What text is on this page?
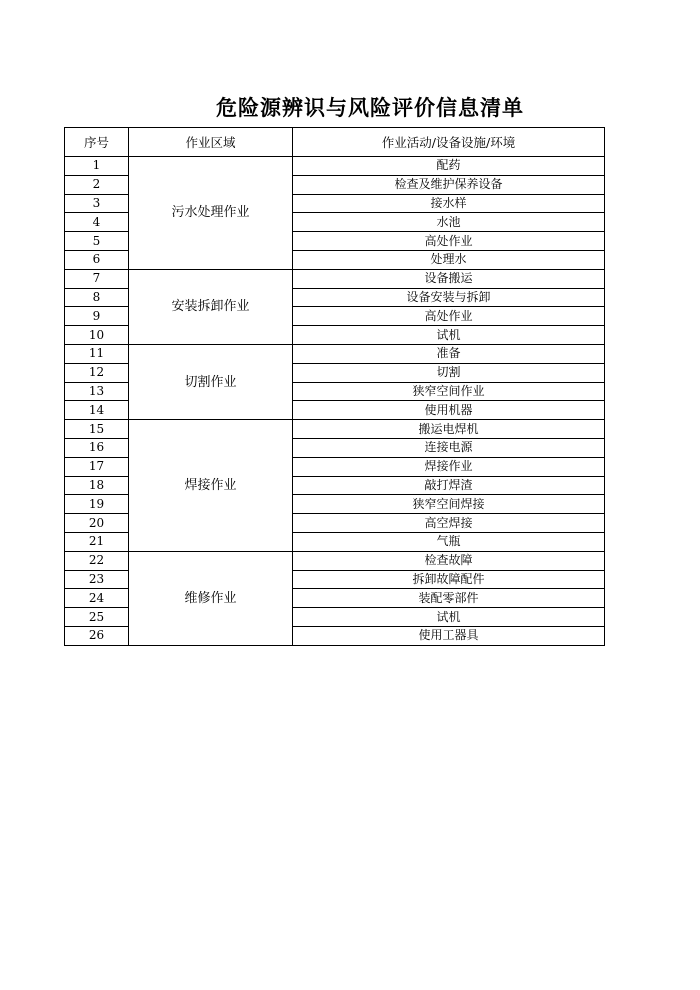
危险源辨识与风险评价信息清单
序号	作业区域	作业活动/设备设施/环境
1	污水处理作业	配药
2		检查及维护保养设备
3		接水样
4		水池
5		高处作业
6		处理水
7	安装拆卸作业	设备搬运
8		设备安装与拆卸
9		高处作业
10		试机
11	切割作业	准备
12		切割
13		狭窄空间作业
14		使用机器
15	焊接作业	搬运电焊机
16		连接电源
17		焊接作业
18		敲打焊渣
19		狭窄空间焊接
20		高空焊接
21		气瓶
22	维修作业	检查故障
23		拆卸故障配件
24		装配零部件
25		试机
26		使用工器具
